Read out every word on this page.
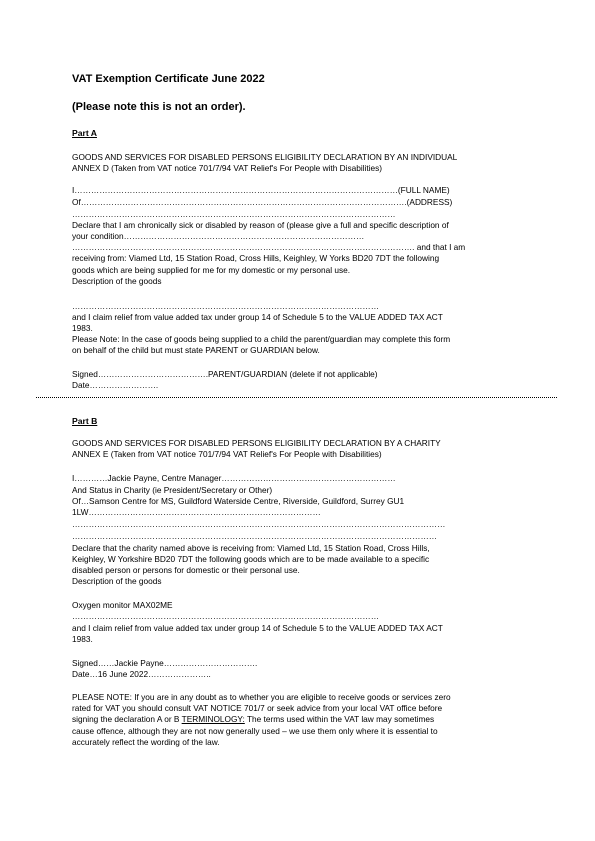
VAT Exemption Certificate June 2022

(Please note this is not an order).

Part A

GOODS AND SERVICES FOR DISABLED PERSONS ELIGIBILITY DECLARATION BY AN INDIVIDUAL

ANNEX D (Taken from VAT notice 701/7/94 VAT Relief's For People with Disabilities)

I………………………………………………………………………………………………………(FULL NAME)

Of……………………………………………………………………………………………………….(ADDRESS)

………………………………………………………………………………………………………

Declare that I am chronically sick or disabled by reason of (please give a full and specific description of

your condition……………………………………………………………………………

……………………………………………………………………………………………………………. and that I am

receiving from: Viamed Ltd, 15 Station Road, Cross Hills, Keighley, W Yorks BD20 7DT the following

goods which are being supplied for me for my domestic or my personal use.

Description of the goods

…………………………………………………………………………………………………

and I claim relief from value added tax under group 14 of Schedule 5 to the VALUE ADDED TAX ACT

1983.

Please Note: In the case of goods being supplied to a child the parent/guardian may complete this form

on behalf of the child but must state PARENT or GUARDIAN below.

Signed………………………………….PARENT/GUARDIAN (delete if not applicable)

Date…………………….

Part B

GOODS AND SERVICES FOR DISABLED PERSONS ELIGIBILITY DECLARATION BY A CHARITY

ANNEX E (Taken from VAT notice 701/7/94 VAT Relief's For People with Disabilities)

I…………Jackie Payne, Centre Manager………………………………………………………

And Status in Charity (ie President/Secretary or Other)

Of…Samson Centre for MS, Guildford Waterside Centre, Riverside, Guildford, Surrey GU1

1LW…………………………………………………………………………

………………………………………………………………………………………………………………………

……………………………………………………………………………………………………………………

Declare that the charity named above is receiving from: Viamed Ltd, 15 Station Road, Cross Hills,

Keighley, W Yorkshire BD20 7DT the following goods which are to be made available to a specific

disabled person or persons for domestic or their personal use.

Description of the goods

Oxygen monitor MAX02ME

…………………………………………………………………………………………………

and I claim relief from value added tax under group 14 of Schedule 5 to the VALUE ADDED TAX ACT

1983.

Signed……Jackie Payne…………………………….

Date…16 June 2022…………………..

PLEASE NOTE: If you are in any doubt as to whether you are eligible to receive goods or services zero

rated for VAT you should consult VAT NOTICE 701/7 or seek advice from your local VAT office before

signing the declaration A or B TERMINOLOGY: The terms used within the VAT law may sometimes

cause offence, although they are not now generally used – we use them only where it is essential to

accurately reflect the wording of the law.
